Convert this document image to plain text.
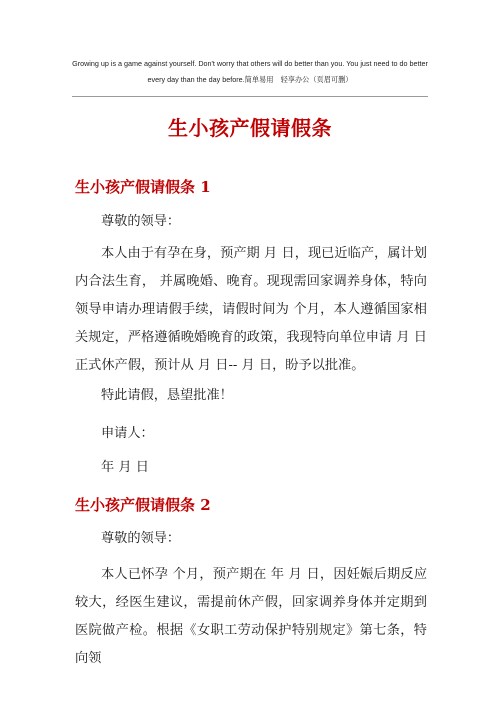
Growing up is a game against yourself. Don't worry that others will do better than you. You just need to do better
every day than the day before.简单易用　轻享办公（页眉可删）
生小孩产假请假条
生小孩产假请假条 1

尊敬的领导：

本人由于有孕在身，预产期 月 日，现已近临产，属计划内合法生育， 并属晚婚、晚育。现现需回家调养身体，特向领导申请办理请假手续，请假时间为 个月，本人遵循国家相关规定，严格遵循晚婚晚育的政策，我现特向单位申请 月 日正式休产假，预计从 月 日-- 月 日，盼予以批准。

特此请假，恳望批准！

申请人：

年 月 日

生小孩产假请假条 2

尊敬的领导：

本人已怀孕 个月，预产期在 年 月 日，因妊娠后期反应较大，经医生建议，需提前休产假，回家调养身体并定期到医院做产检。根据《女职工劳动保护特别规定》第七条，特向领
